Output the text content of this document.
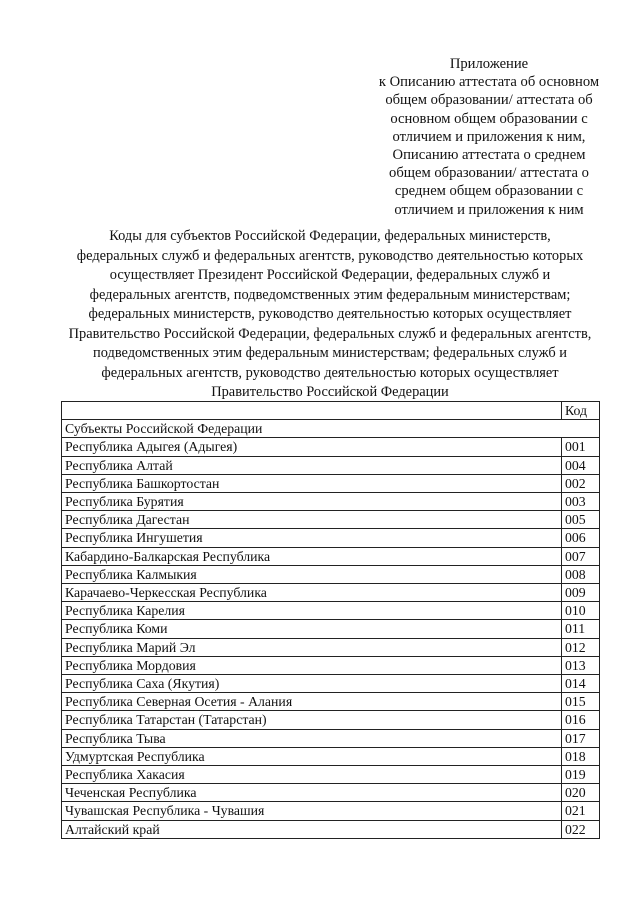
Приложение
к Описанию аттестата об основном
общем образовании/ аттестата об
основном общем образовании с
отличием и приложения к ним,
Описанию аттестата о среднем
общем образовании/ аттестата о
среднем общем образовании с
отличием и приложения к ним
Коды для субъектов Российской Федерации, федеральных министерств,
федеральных служб и федеральных агентств, руководство деятельностью которых
осуществляет Президент Российской Федерации, федеральных служб и
федеральных агентств, подведомственных этим федеральным министерствам;
федеральных министерств, руководство деятельностью которых осуществляет
Правительство Российской Федерации, федеральных служб и федеральных агентств,
подведомственных этим федеральным министерствам; федеральных служб и
федеральных агентств, руководство деятельностью которых осуществляет
Правительство Российской Федерации
	Код
Субъекты Российской Федерации	
Республика Адыгея (Адыгея)	001
Республика Алтай	004
Республика Башкортостан	002
Республика Бурятия	003
Республика Дагестан	005
Республика Ингушетия	006
Кабардино-Балкарская Республика	007
Республика Калмыкия	008
Карачаево-Черкесская Республика	009
Республика Карелия	010
Республика Коми	011
Республика Марий Эл	012
Республика Мордовия	013
Республика Саха (Якутия)	014
Республика Северная Осетия - Алания	015
Республика Татарстан (Татарстан)	016
Республика Тыва	017
Удмуртская Республика	018
Республика Хакасия	019
Чеченская Республика	020
Чувашская Республика - Чувашия	021
Алтайский край	022
